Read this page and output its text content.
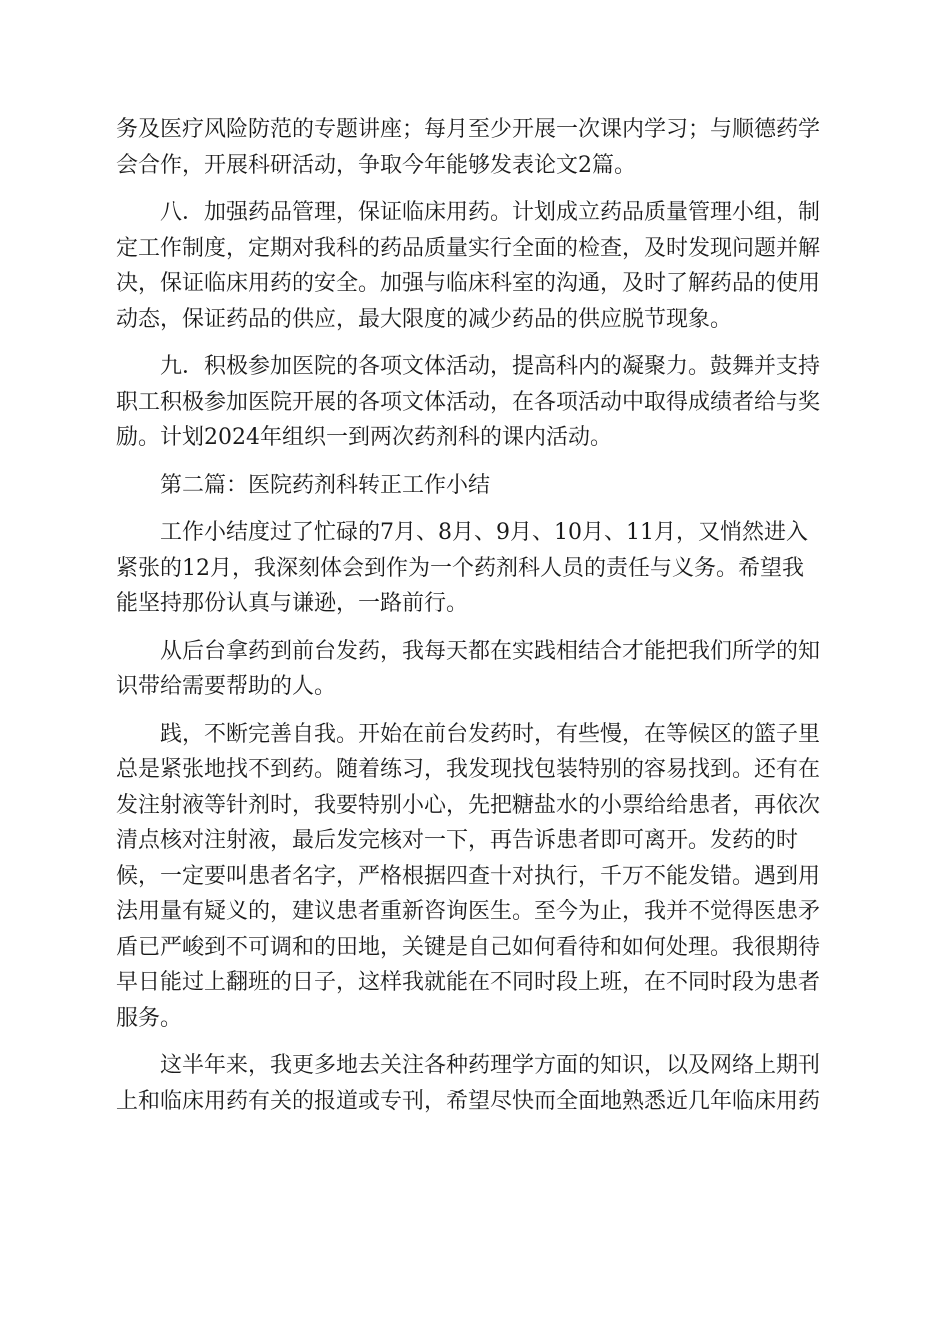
务及医疗风险防范的专题讲座；每月至少开展一次课内学习；与顺德药学
会合作，开展科研活动，争取今年能够发表论文2篇。

　　八．加强药品管理，保证临床用药。计划成立药品质量管理小组，制
定工作制度，定期对我科的药品质量实行全面的检查，及时发现问题并解
决，保证临床用药的安全。加强与临床科室的沟通，及时了解药品的使用
动态，保证药品的供应，最大限度的减少药品的供应脱节现象。

　　九．积极参加医院的各项文体活动，提高科内的凝聚力。鼓舞并支持
职工积极参加医院开展的各项文体活动，在各项活动中取得成绩者给与奖
励。计划2024年组织一到两次药剂科的课内活动。

　　第二篇：医院药剂科转正工作小结

　　工作小结度过了忙碌的7月、8月、9月、10月、11月，又悄然进入
紧张的12月，我深刻体会到作为一个药剂科人员的责任与义务。希望我
能坚持那份认真与谦逊，一路前行。

　　从后台拿药到前台发药，我每天都在实践相结合才能把我们所学的知
识带给需要帮助的人。

　　践，不断完善自我。开始在前台发药时，有些慢，在等候区的篮子里
总是紧张地找不到药。随着练习，我发现找包装特别的容易找到。还有在
发注射液等针剂时，我要特别小心，先把糖盐水的小票给给患者，再依次
清点核对注射液，最后发完核对一下，再告诉患者即可离开。发药的时
候，一定要叫患者名字，严格根据四查十对执行，千万不能发错。遇到用
法用量有疑义的，建议患者重新咨询医生。至今为止，我并不觉得医患矛
盾已严峻到不可调和的田地，关键是自己如何看待和如何处理。我很期待
早日能过上翻班的日子，这样我就能在不同时段上班，在不同时段为患者
服务。

　　这半年来，我更多地去关注各种药理学方面的知识，以及网络上期刊
上和临床用药有关的报道或专刊，希望尽快而全面地熟悉近几年临床用药
